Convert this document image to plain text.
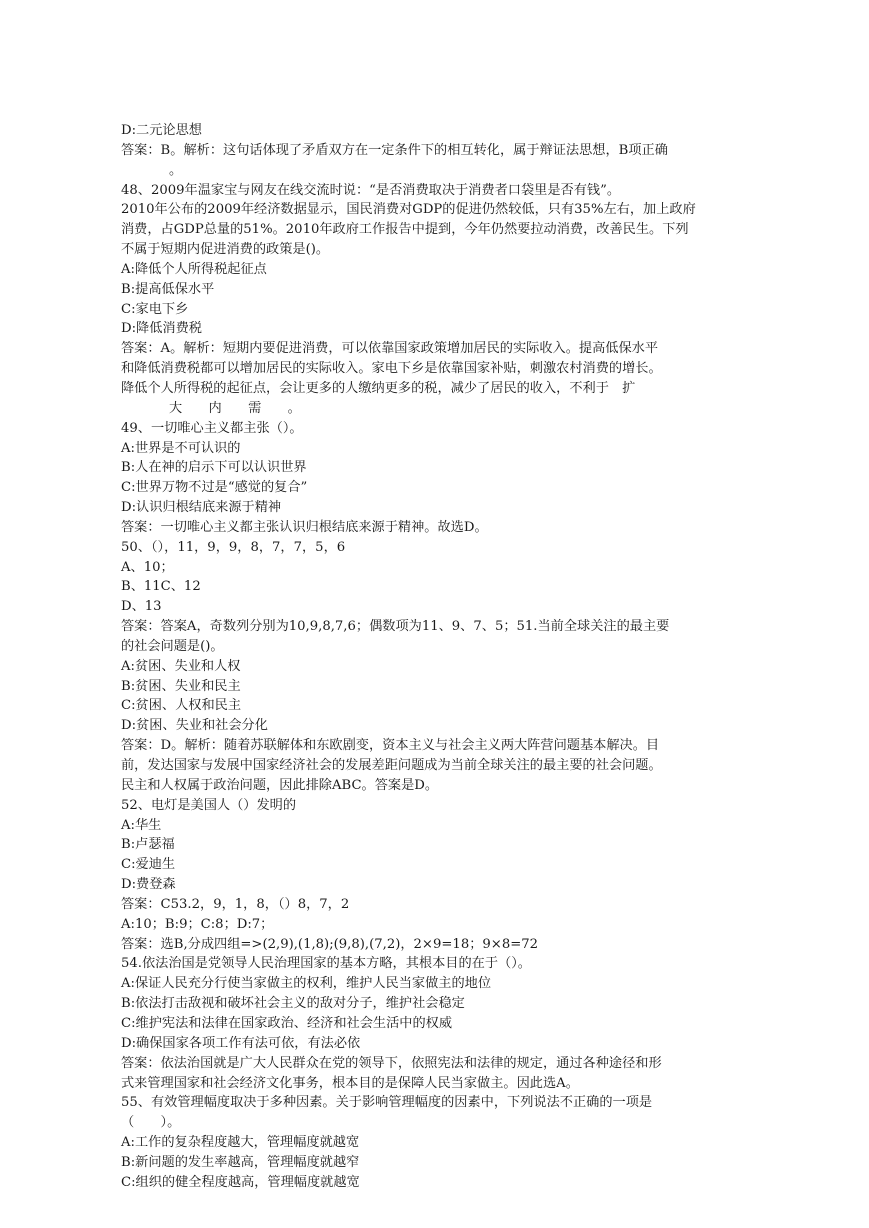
D:二元论思想
答案：B。解析：这句话体现了矛盾双方在一定条件下的相互转化，属于辩证法思想，B项正确
。
48、2009年温家宝与网友在线交流时说：“是否消费取决于消费者口袋里是否有钱”。
2010年公布的2009年经济数据显示，国民消费对GDP的促进仍然较低，只有35%左右，加上政府
消费，占GDP总量的51%。2010年政府工作报告中提到，今年仍然要拉动消费，改善民生。下列
不属于短期内促进消费的政策是()。
A:降低个人所得税起征点
B:提高低保水平
C:家电下乡
D:降低消费税
答案：A。解析：短期内要促进消费，可以依靠国家政策增加居民的实际收入。提高低保水平
和降低消费税都可以增加居民的实际收入。家电下乡是依靠国家补贴，刺激农村消费的增长。
降低个人所得税的起征点，会让更多的人缴纳更多的税，减少了居民的收入，不利于　扩
大　　内　　需　　。
49、一切唯心主义都主张（）。
A:世界是不可认识的
B:人在神的启示下可以认识世界
C:世界万物不过是“感觉的复合”
D:认识归根结底来源于精神
答案：一切唯心主义都主张认识归根结底来源于精神。故选D。
50、（），11，9，9，8，7，7，5，6
A、10；
B、11C、12
D、13
答案：答案A，奇数列分别为10,9,8,7,6；偶数项为11、9、7、5；51.当前全球关注的最主要
的社会问题是()。
A:贫困、失业和人权
B:贫困、失业和民主
C:贫困、人权和民主
D:贫困、失业和社会分化
答案：D。解析：随着苏联解体和东欧剧变，资本主义与社会主义两大阵营问题基本解决。目
前，发达国家与发展中国家经济社会的发展差距问题成为当前全球关注的最主要的社会问题。
民主和人权属于政治问题，因此排除ABC。答案是D。
52、电灯是美国人（）发明的
A:华生
B:卢瑟福
C:爱迪生
D:费登森
答案：C53.2，9，1，8，（）8，7，2
A:10；B:9；C:8；D:7；
答案：选B,分成四组=>(2,9),(1,8);(9,8),(7,2)，2×9=18；9×8=72
54.依法治国是党领导人民治理国家的基本方略，其根本目的在于（）。
A:保证人民充分行使当家做主的权利，维护人民当家做主的地位
B:依法打击敌视和破坏社会主义的敌对分子，维护社会稳定
C:维护宪法和法律在国家政治、经济和社会生活中的权威
D:确保国家各项工作有法可依，有法必依
答案：依法治国就是广大人民群众在党的领导下，依照宪法和法律的规定，通过各种途径和形
式来管理国家和社会经济文化事务，根本目的是保障人民当家做主。因此选A。
55、有效管理幅度取决于多种因素。关于影响管理幅度的因素中，下列说法不正确的一项是
（　　）。
A:工作的复杂程度越大，管理幅度就越宽
B:新问题的发生率越高，管理幅度就越窄
C:组织的健全程度越高，管理幅度就越宽
